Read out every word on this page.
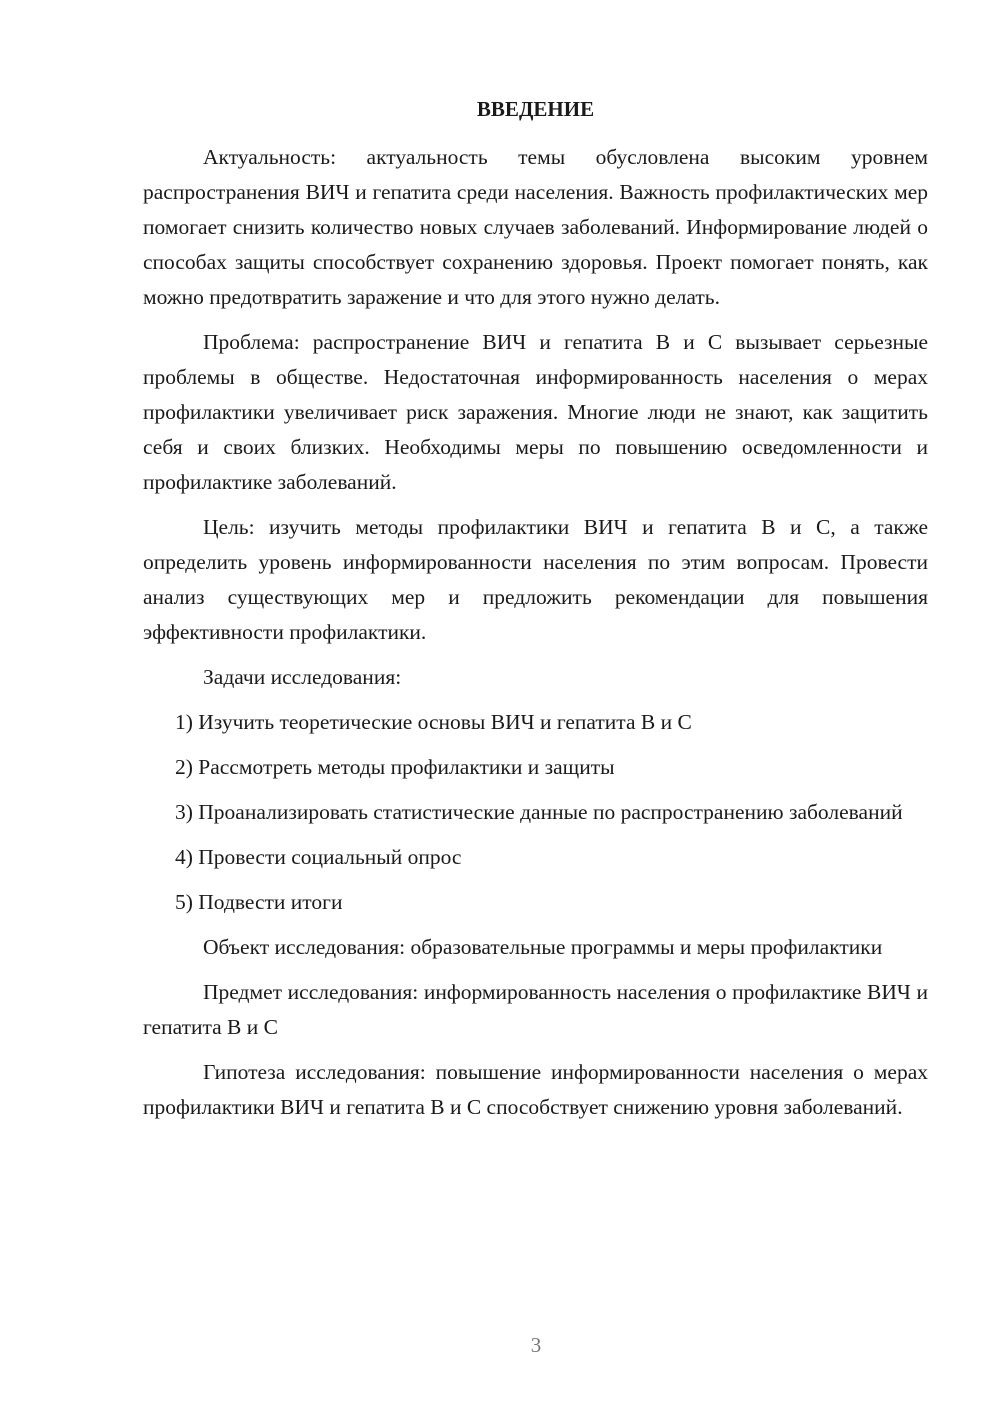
ВВЕДЕНИЕ

Актуальность: актуальность темы обусловлена высоким уровнем распространения ВИЧ и гепатита среди населения. Важность профилактических мер помогает снизить количество новых случаев заболеваний. Информирование людей о способах защиты способствует сохранению здоровья. Проект помогает понять, как можно предотвратить заражение и что для этого нужно делать.

Проблема: распространение ВИЧ и гепатита В и С вызывает серьезные проблемы в обществе. Недостаточная информированность населения о мерах профилактики увеличивает риск заражения. Многие люди не знают, как защитить себя и своих близких. Необходимы меры по повышению осведомленности и профилактике заболеваний.

Цель: изучить методы профилактики ВИЧ и гепатита В и С, а также определить уровень информированности населения по этим вопросам. Провести анализ существующих мер и предложить рекомендации для повышения эффективности профилактики.

Задачи исследования:

1) Изучить теоретические основы ВИЧ и гепатита В и С

2) Рассмотреть методы профилактики и защиты

3) Проанализировать статистические данные по распространению заболеваний

4) Провести социальный опрос

5) Подвести итоги

Объект исследования: образовательные программы и меры профилактики

Предмет исследования: информированность населения о профилактике ВИЧ и гепатита В и С

Гипотеза исследования: повышение информированности населения о мерах профилактики ВИЧ и гепатита В и С способствует снижению уровня заболеваний.

3
